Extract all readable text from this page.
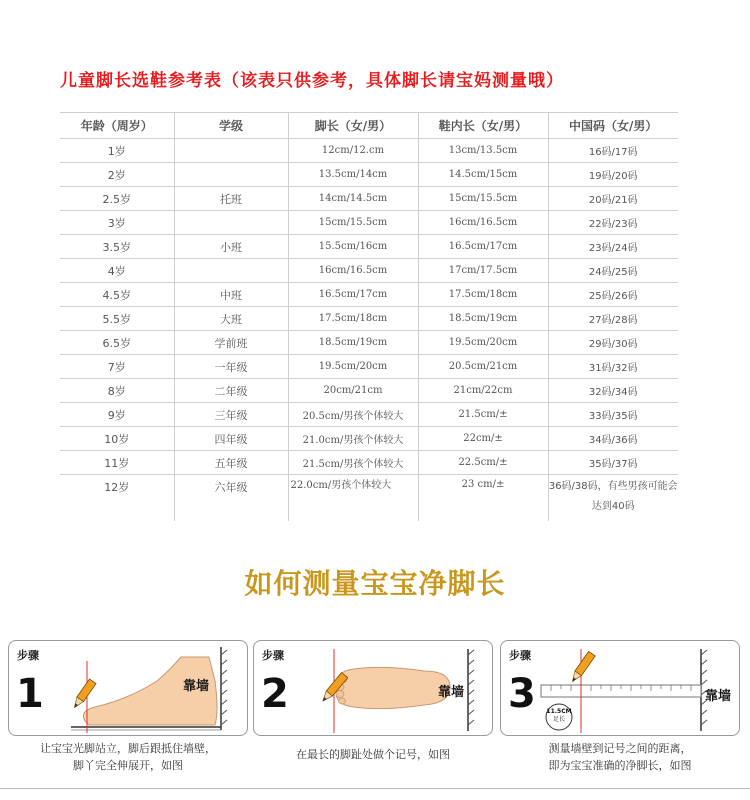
儿童脚长选鞋参考表（该表只供参考，具体脚长请宝妈测量哦）
年龄（周岁）	学级	脚长（女/男）	鞋内长（女/男）	中国码（女/男）
1岁		12cm/12.cm	13cm/13.5cm	16码/17码
2岁		13.5cm/14cm	14.5cm/15cm	19码/20码
2.5岁	托班	14cm/14.5cm	15cm/15.5cm	20码/21码
3岁		15cm/15.5cm	16cm/16.5cm	22码/23码
3.5岁	小班	15.5cm/16cm	16.5cm/17cm	23码/24码
4岁		16cm/16.5cm	17cm/17.5cm	24码/25码
4.5岁	中班	16.5cm/17cm	17.5cm/18cm	25码/26码
5.5岁	大班	17.5cm/18cm	18.5cm/19cm	27码/28码
6.5岁	学前班	18.5cm/19cm	19.5cm/20cm	29码/30码
7岁	一年级	19.5cm/20cm	20.5cm/21cm	31码/32码
8岁	二年级	20cm/21cm	21cm/22cm	32码/34码
9岁	三年级	20.5cm/男孩个体较大	21.5cm/±	33码/35码
10岁	四年级	21.0cm/男孩个体较大	22cm/±	34码/36码
11岁	五年级	21.5cm/男孩个体较大	22.5cm/±	35码/37码
12岁	六年级	22.0cm/男孩个体较大	23 cm/±	36码/38码，有些男孩可能会达到40码
如何测量宝宝净脚长
步骤
1	靠墙
让宝宝光脚站立，脚后跟抵住墙壁，
脚丫完全伸展开，如图
步骤
2	靠墙
在最长的脚趾处做个记号，如图
步骤
3 11.5CM
足长
靠墙
测量墙壁到记号之间的距离，
即为宝宝准确的净脚长，如图
